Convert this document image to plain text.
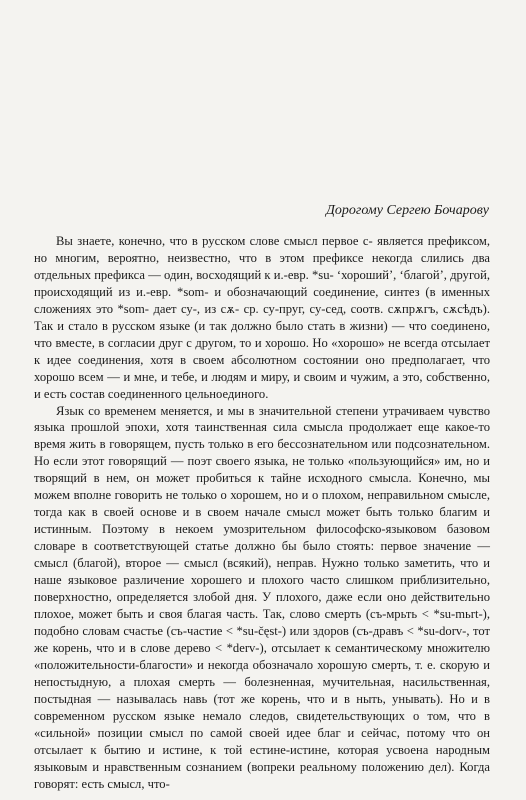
Дорогому Сергею Бочарову

Вы знаете, конечно, что в русском слове смысл первое с- является префиксом, но многим, вероятно, неизвестно, что в этом префиксе некогда слились два отдельных префикса — один, восходящий к и.-евр. *su- ‘хороший’, ‘благой’, другой, происходящий из и.-евр. *sоm- и обозначающий соединение, синтез (в именных сложениях это *sоm- дает су-, из сѫ- ср. су-пруг, су-сед, соотв. сѫпрѫгъ, сѫсѣдъ). Так и стало в русском языке (и так должно было стать в жизни) — что соединено, что вместе, в согласии друг с другом, то и хорошо. Но «хорошо» не всегда отсылает к идее соединения, хотя в своем абсолютном состоянии оно предполагает, что хорошо всем — и мне, и тебе, и людям и миру, и своим и чужим, а это, собственно, и есть состав соединенного цельноединого.

Язык со временем меняется, и мы в значительной степени утрачиваем чувство языка прошлой эпохи, хотя таинственная сила смысла продолжает еще какое-то время жить в говорящем, пусть только в его бессознательном или подсознательном. Но если этот говорящий — поэт своего языка, не только «пользующийся» им, но и творящий в нем, он может пробиться к тайне исходного смысла. Конечно, мы можем вполне говорить не только о хорошем, но и о плохом, неправильном смысле, тогда как в своей основе и в своем начале смысл может быть только благим и истинным. Поэтому в некоем умозрительном философско-языковом базовом словаре в соответствующей статье должно бы было стоять: первое значение — смысл (благой), второе — смысл (всякий), неправ. Нужно только заметить, что и наше языковое различение хорошего и плохого часто слишком приблизительно, поверхностно, определяется злобой дня. У плохого, даже если оно действительно плохое, может быть и своя благая часть. Так, слово смерть (съ-мрьть < *su-mьrt-), подобно словам счастье (съ-частие < *su-čęst-) или здоров (съ-дравъ < *su-dorv-, тот же корень, что и в слове дерево < *derv-), отсылает к семантическому множителю «положительности-благости» и некогда обозначало хорошую смерть, т. е. скорую и непостыдную, а плохая смерть — болезненная, мучительная, насильственная, постыдная — называлась навь (тот же корень, что и в ныть, унывать). Но и в современном русском языке немало следов, свидетельствующих о том, что в «сильной» позиции смысл по самой своей идее благ и сейчас, потому что он отсылает к бытию и истине, к той естине-истине, которая усвоена народным языковым и нравственным сознанием (вопреки реальному положению дел). Когда говорят: есть смысл, что-
